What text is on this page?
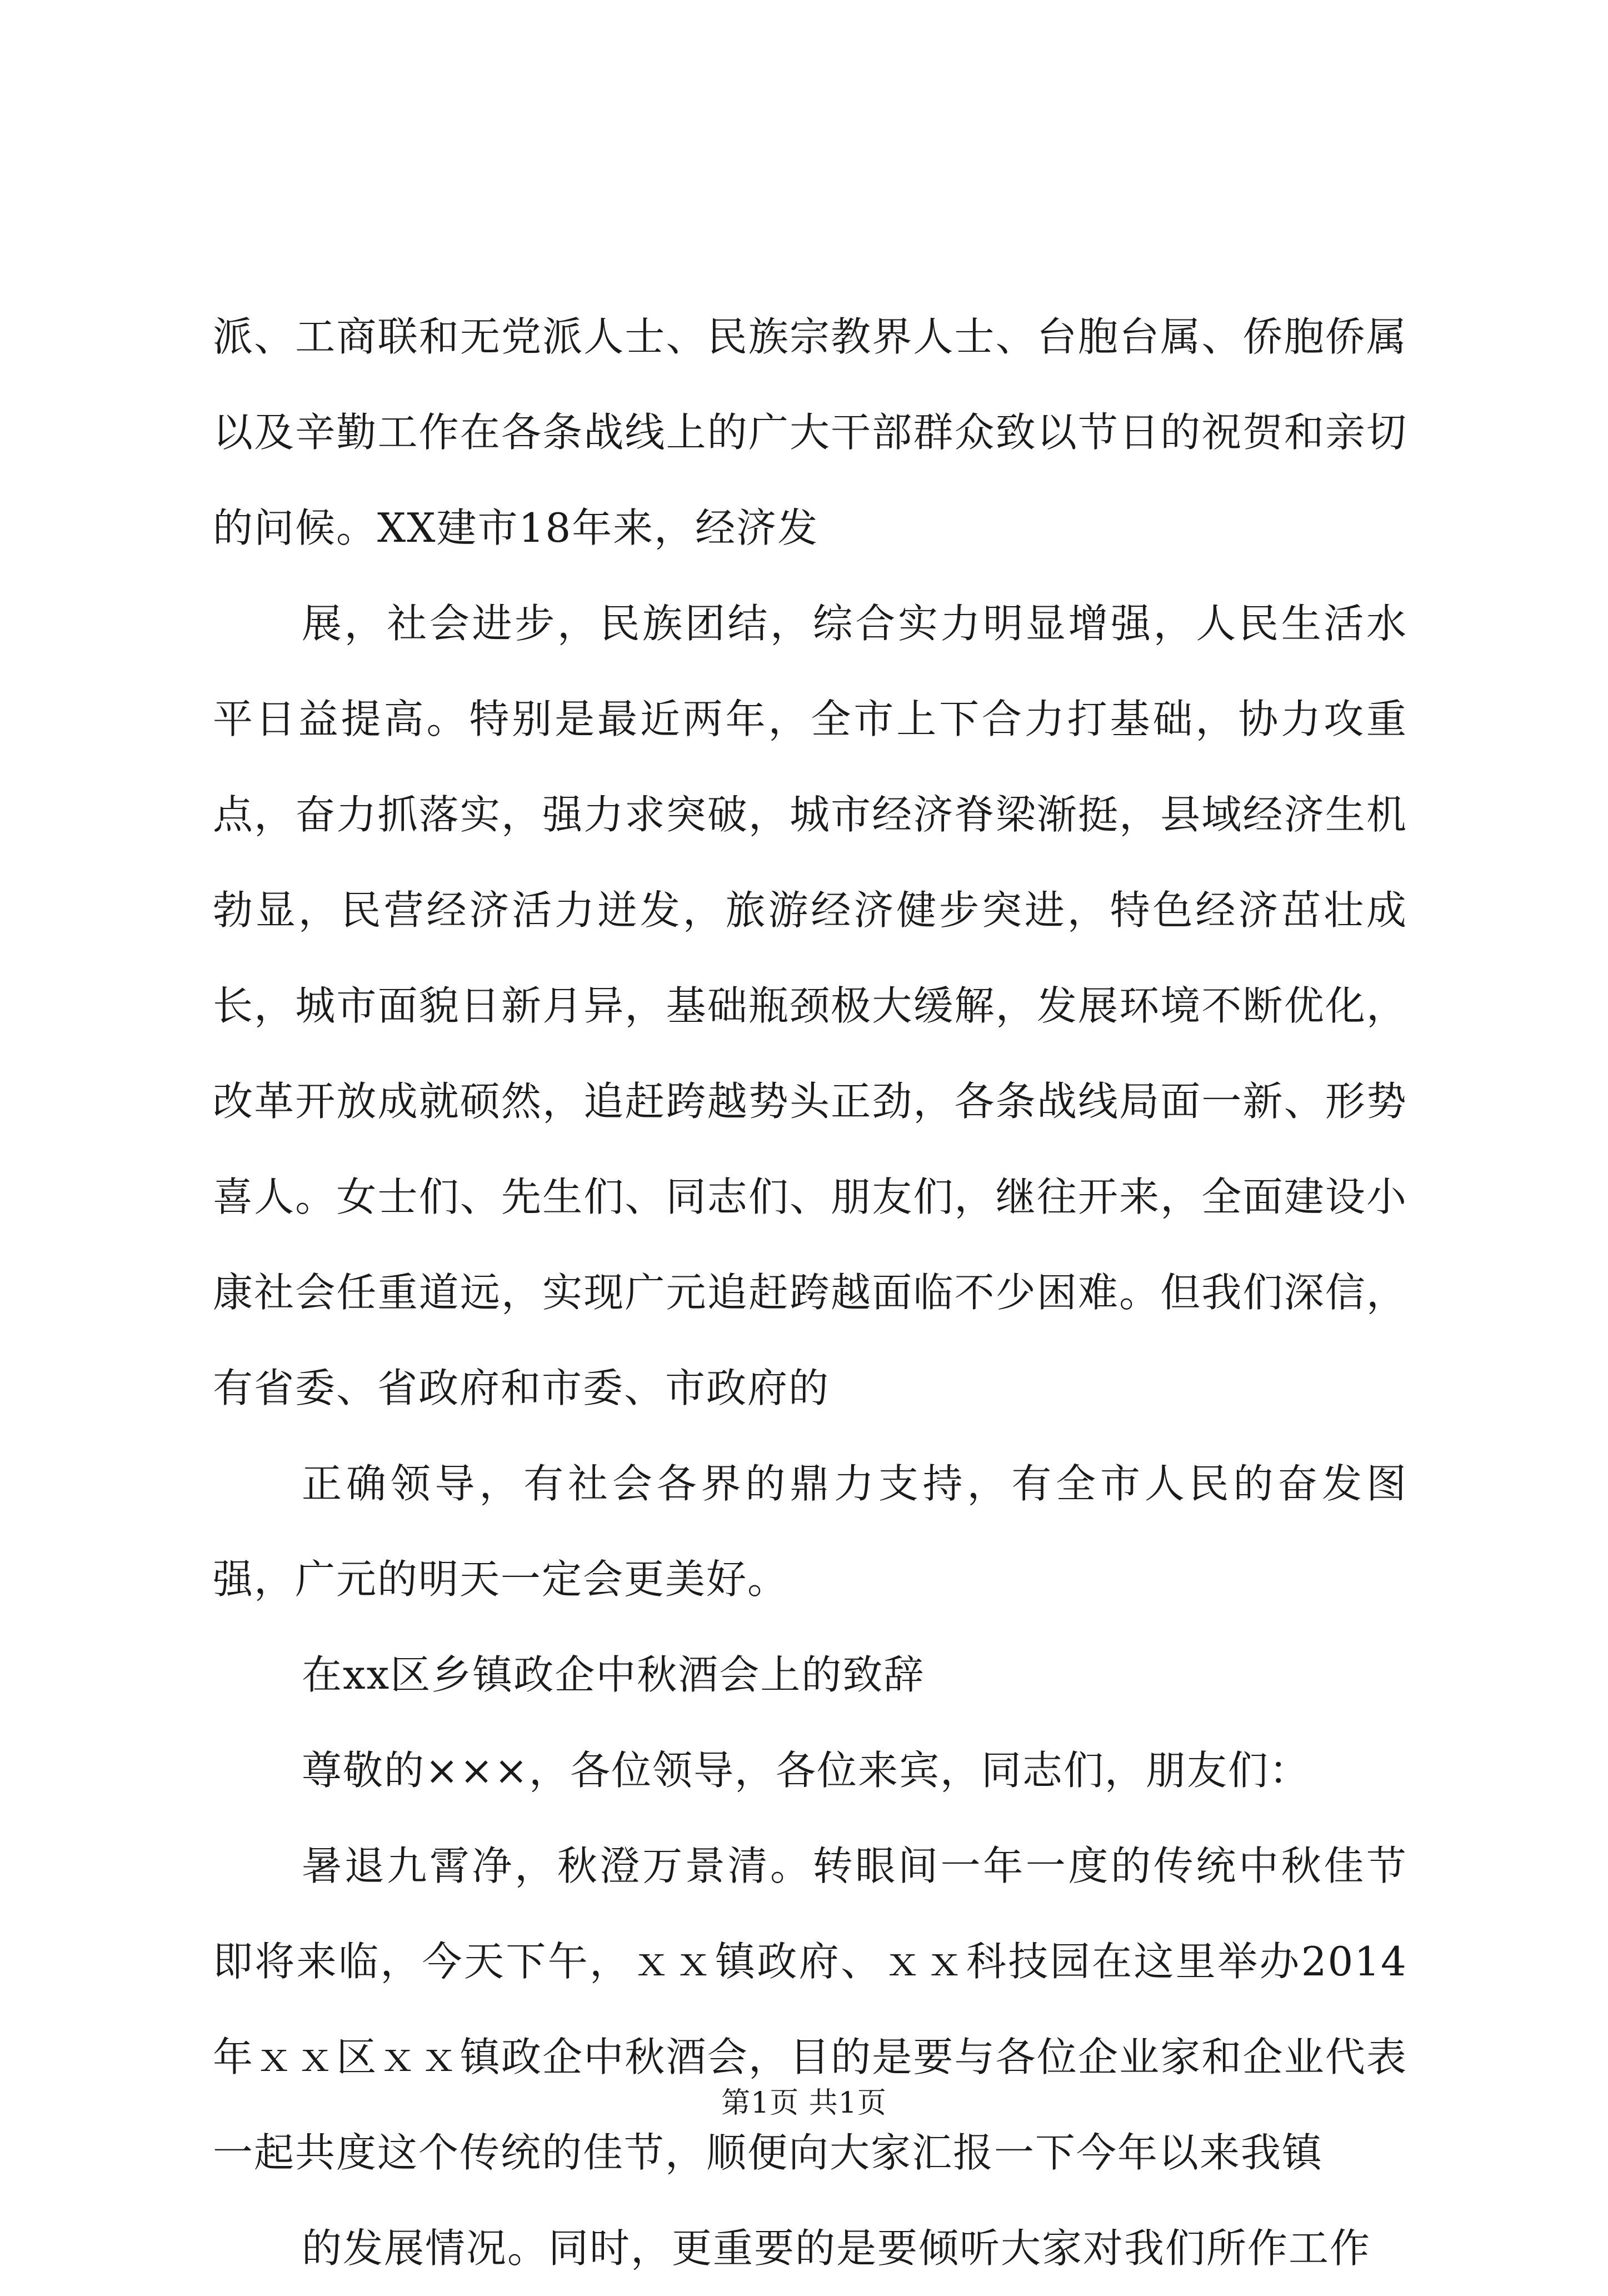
派、工商联和无党派人士、民族宗教界人士、台胞台属、侨胞侨属以及辛勤工作在各条战线上的广大干部群众致以节日的祝贺和亲切的问候。XX建市18年来，经济发

展，社会进步，民族团结，综合实力明显增强，人民生活水平日益提高。特别是最近两年，全市上下合力打基础，协力攻重点，奋力抓落实，强力求突破，城市经济脊梁渐挺，县域经济生机勃显，民营经济活力迸发，旅游经济健步突进，特色经济茁壮成长，城市面貌日新月异，基础瓶颈极大缓解，发展环境不断优化，改革开放成就硕然，追赶跨越势头正劲，各条战线局面一新、形势喜人。女士们、先生们、同志们、朋友们，继往开来，全面建设小康社会任重道远，实现广元追赶跨越面临不少困难。但我们深信，有省委、省政府和市委、市政府的

正确领导，有社会各界的鼎力支持，有全市人民的奋发图强，广元的明天一定会更美好。

在xx区乡镇政企中秋酒会上的致辞

尊敬的×××，各位领导，各位来宾，同志们，朋友们：

暑退九霄净，秋澄万景清。转眼间一年一度的传统中秋佳节即将来临，今天下午，ｘｘ镇政府、ｘｘ科技园在这里举办2014年ｘｘ区ｘｘ镇政企中秋酒会，目的是要与各位企业家和企业代表一起共度这个传统的佳节，顺便向大家汇报一下今年以来我镇

的发展情况。同时，更重要的是要倾听大家对我们所作工作

第1页 共1页
